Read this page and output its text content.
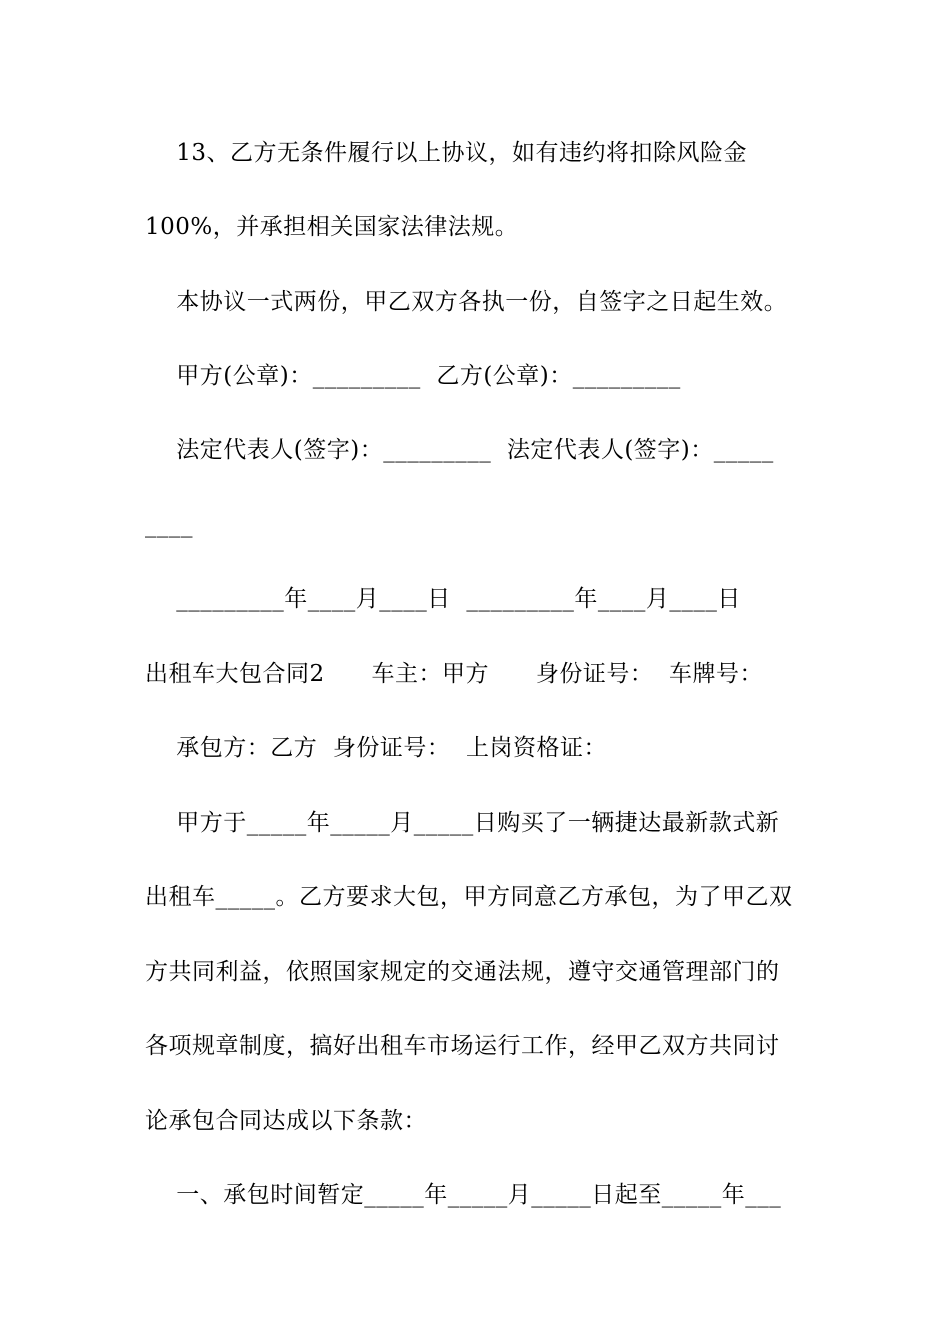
13、乙方无条件履行以上协议，如有违约将扣除风险金
100%，并承担相关国家法律法规。
本协议一式两份，甲乙双方各执一份，自签字之日起生效。
甲方(公章)：_________  乙方(公章)：_________
法定代表人(签字)：_________  法定代表人(签字)：_____
____
_________年____月____日  _________年____月____日
出租车大包合同2      车主：甲方      身份证号：  车牌号：
承包方：乙方  身份证号：  上岗资格证：
甲方于_____年_____月_____日购买了一辆捷达最新款式新
出租车_____。乙方要求大包，甲方同意乙方承包，为了甲乙双
方共同利益，依照国家规定的交通法规，遵守交通管理部门的
各项规章制度，搞好出租车市场运行工作，经甲乙双方共同讨
论承包合同达成以下条款：
一、承包时间暂定_____年_____月_____日起至_____年___
